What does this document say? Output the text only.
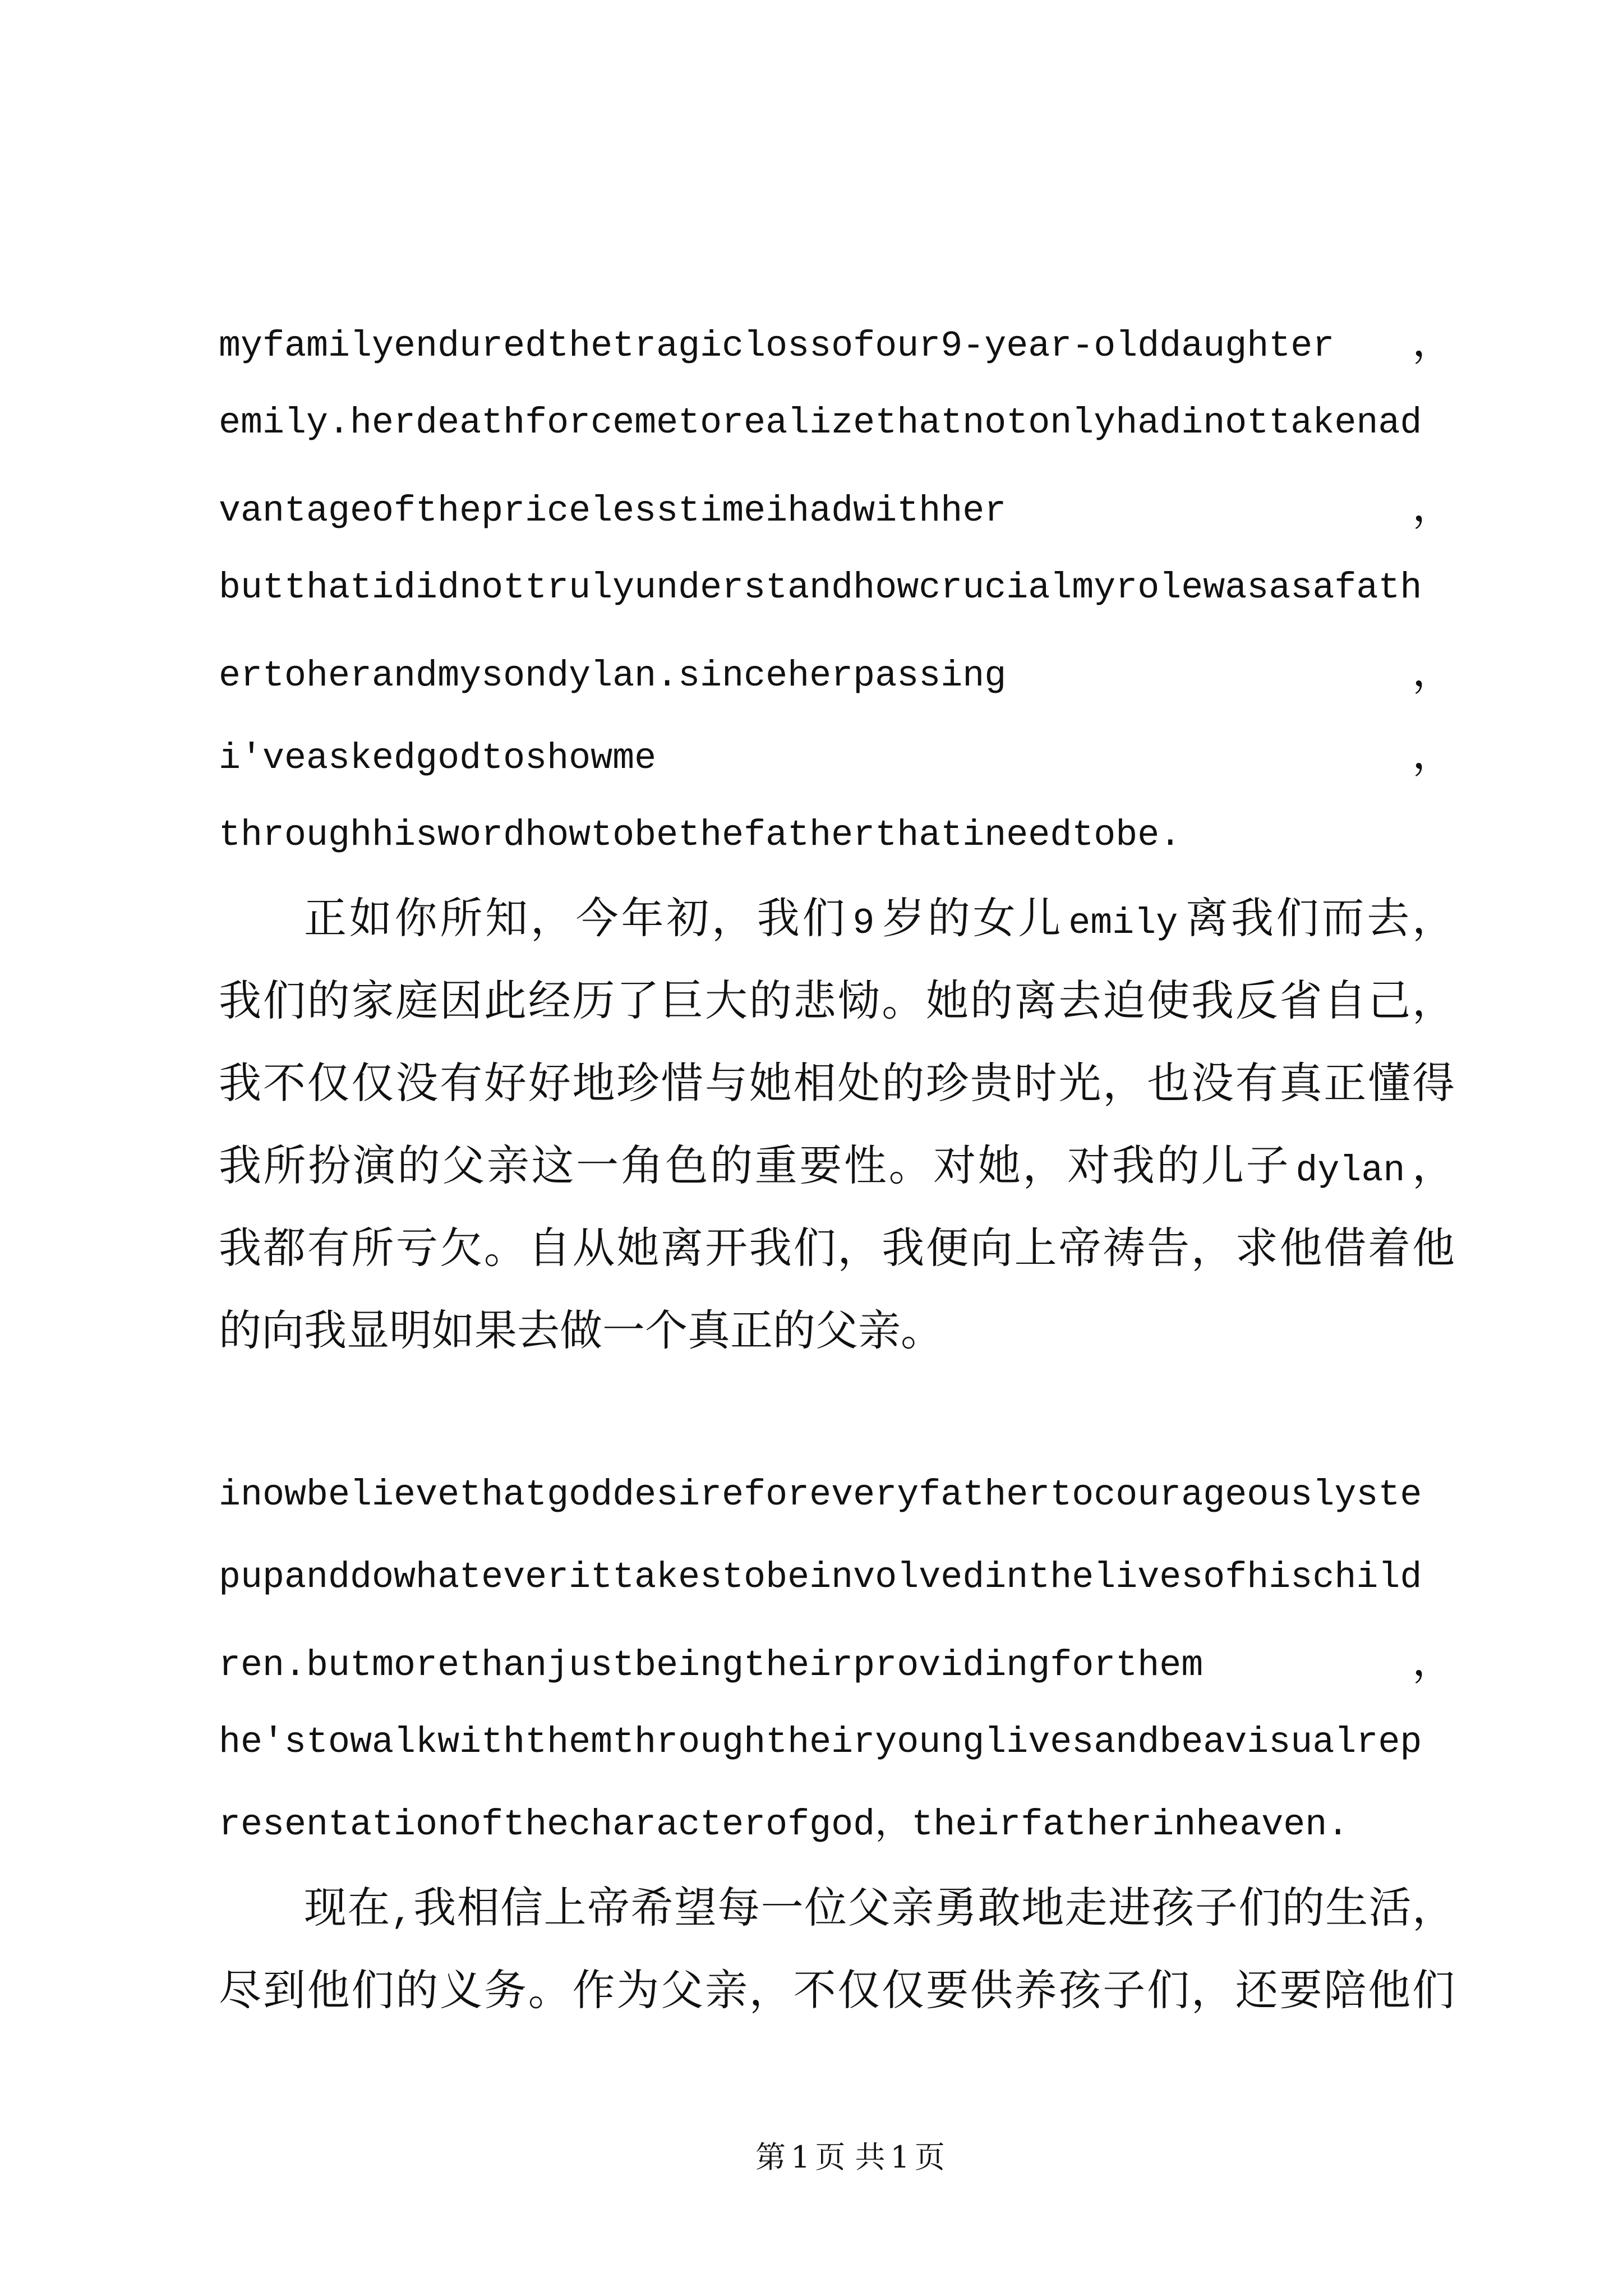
myfamilyenduredthetragiclossofour9-year-olddaughter ，
emily.herdeathforcemetorealizethatnotonlyhadinottakenad
vantageofthepricelesstimeihadwithher	，
butthatididnottrulyunderstandhowcrucialmyrolewasasafath
ertoherandmysondylan.sinceherpassing	，
i'veaskedgodtoshowme	，
throughhiswordhowtobethefatherthatineedtobe.
正如你所知，今年初，我们 9 岁的女儿 emily 离我们而去，
我们的家庭因此经历了巨大的悲恸。她的离去迫使我反省自己，
我不仅仅没有好好地珍惜与她相处的珍贵时光，也没有真正懂得
我所扮演的父亲这一角色的重要性。对她，对我的儿子 dylan ，
我都有所亏欠。自从她离开我们，我便向上帝祷告，求他借着他
的向我显明如果去做一个真正的父亲。
inowbelievethatgoddesireforeveryfathertocourageouslyste
pupanddowhateverittakestobeinvolvedinthelivesofhischild
ren.butmorethanjustbeingtheirprovidingforthem	，
he'stowalkwiththemthroughtheiryounglivesandbeavisualrep
resentationofthecharacterofgod，theirfatherinheaven.
现在,我相信上帝希望每一位父亲勇敢地走进孩子们的生活，
尽到他们的义务。作为父亲，不仅仅要供养孩子们，还要陪他们
第 1 页 共 1 页
